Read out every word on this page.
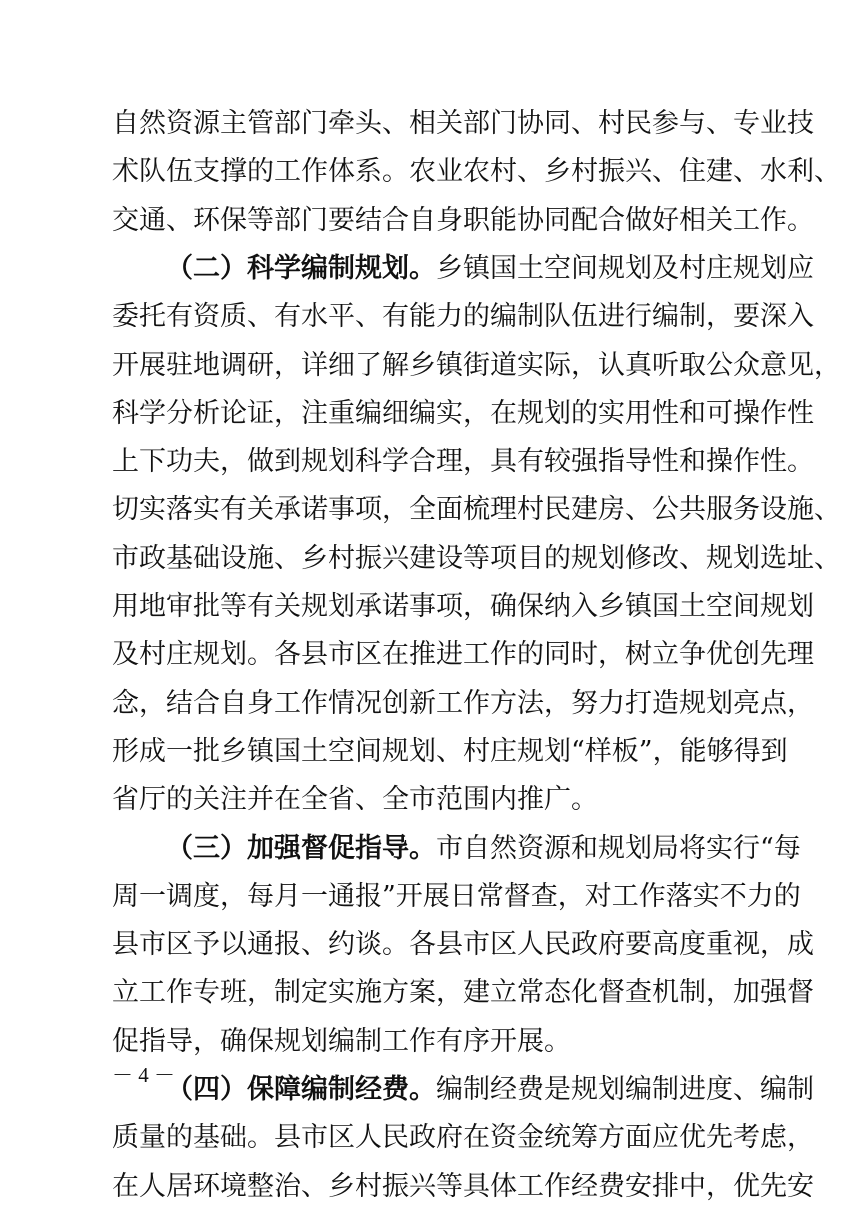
自然资源主管部门牵头、相关部门协同、村民参与、专业技
术队伍支撑的工作体系。农业农村、乡村振兴、住建、水利、
交通、环保等部门要结合自身职能协同配合做好相关工作。
（二）科学编制规划。乡镇国土空间规划及村庄规划应
委托有资质、有水平、有能力的编制队伍进行编制，要深入
开展驻地调研，详细了解乡镇街道实际，认真听取公众意见，
科学分析论证，注重编细编实，在规划的实用性和可操作性
上下功夫，做到规划科学合理，具有较强指导性和操作性。
切实落实有关承诺事项，全面梳理村民建房、公共服务设施、
市政基础设施、乡村振兴建设等项目的规划修改、规划选址、
用地审批等有关规划承诺事项，确保纳入乡镇国土空间规划
及村庄规划。各县市区在推进工作的同时，树立争优创先理
念，结合自身工作情况创新工作方法，努力打造规划亮点，
形成一批乡镇国土空间规划、村庄规划“样板”，能够得到
省厅的关注并在全省、全市范围内推广。
（三）加强督促指导。市自然资源和规划局将实行“每
周一调度，每月一通报”开展日常督查，对工作落实不力的
县市区予以通报、约谈。各县市区人民政府要高度重视，成
立工作专班，制定实施方案，建立常态化督查机制，加强督
促指导，确保规划编制工作有序开展。
（四）保障编制经费。编制经费是规划编制进度、编制
质量的基础。县市区人民政府在资金统筹方面应优先考虑，
在人居环境整治、乡村振兴等具体工作经费安排中，优先安
－ 4 －
